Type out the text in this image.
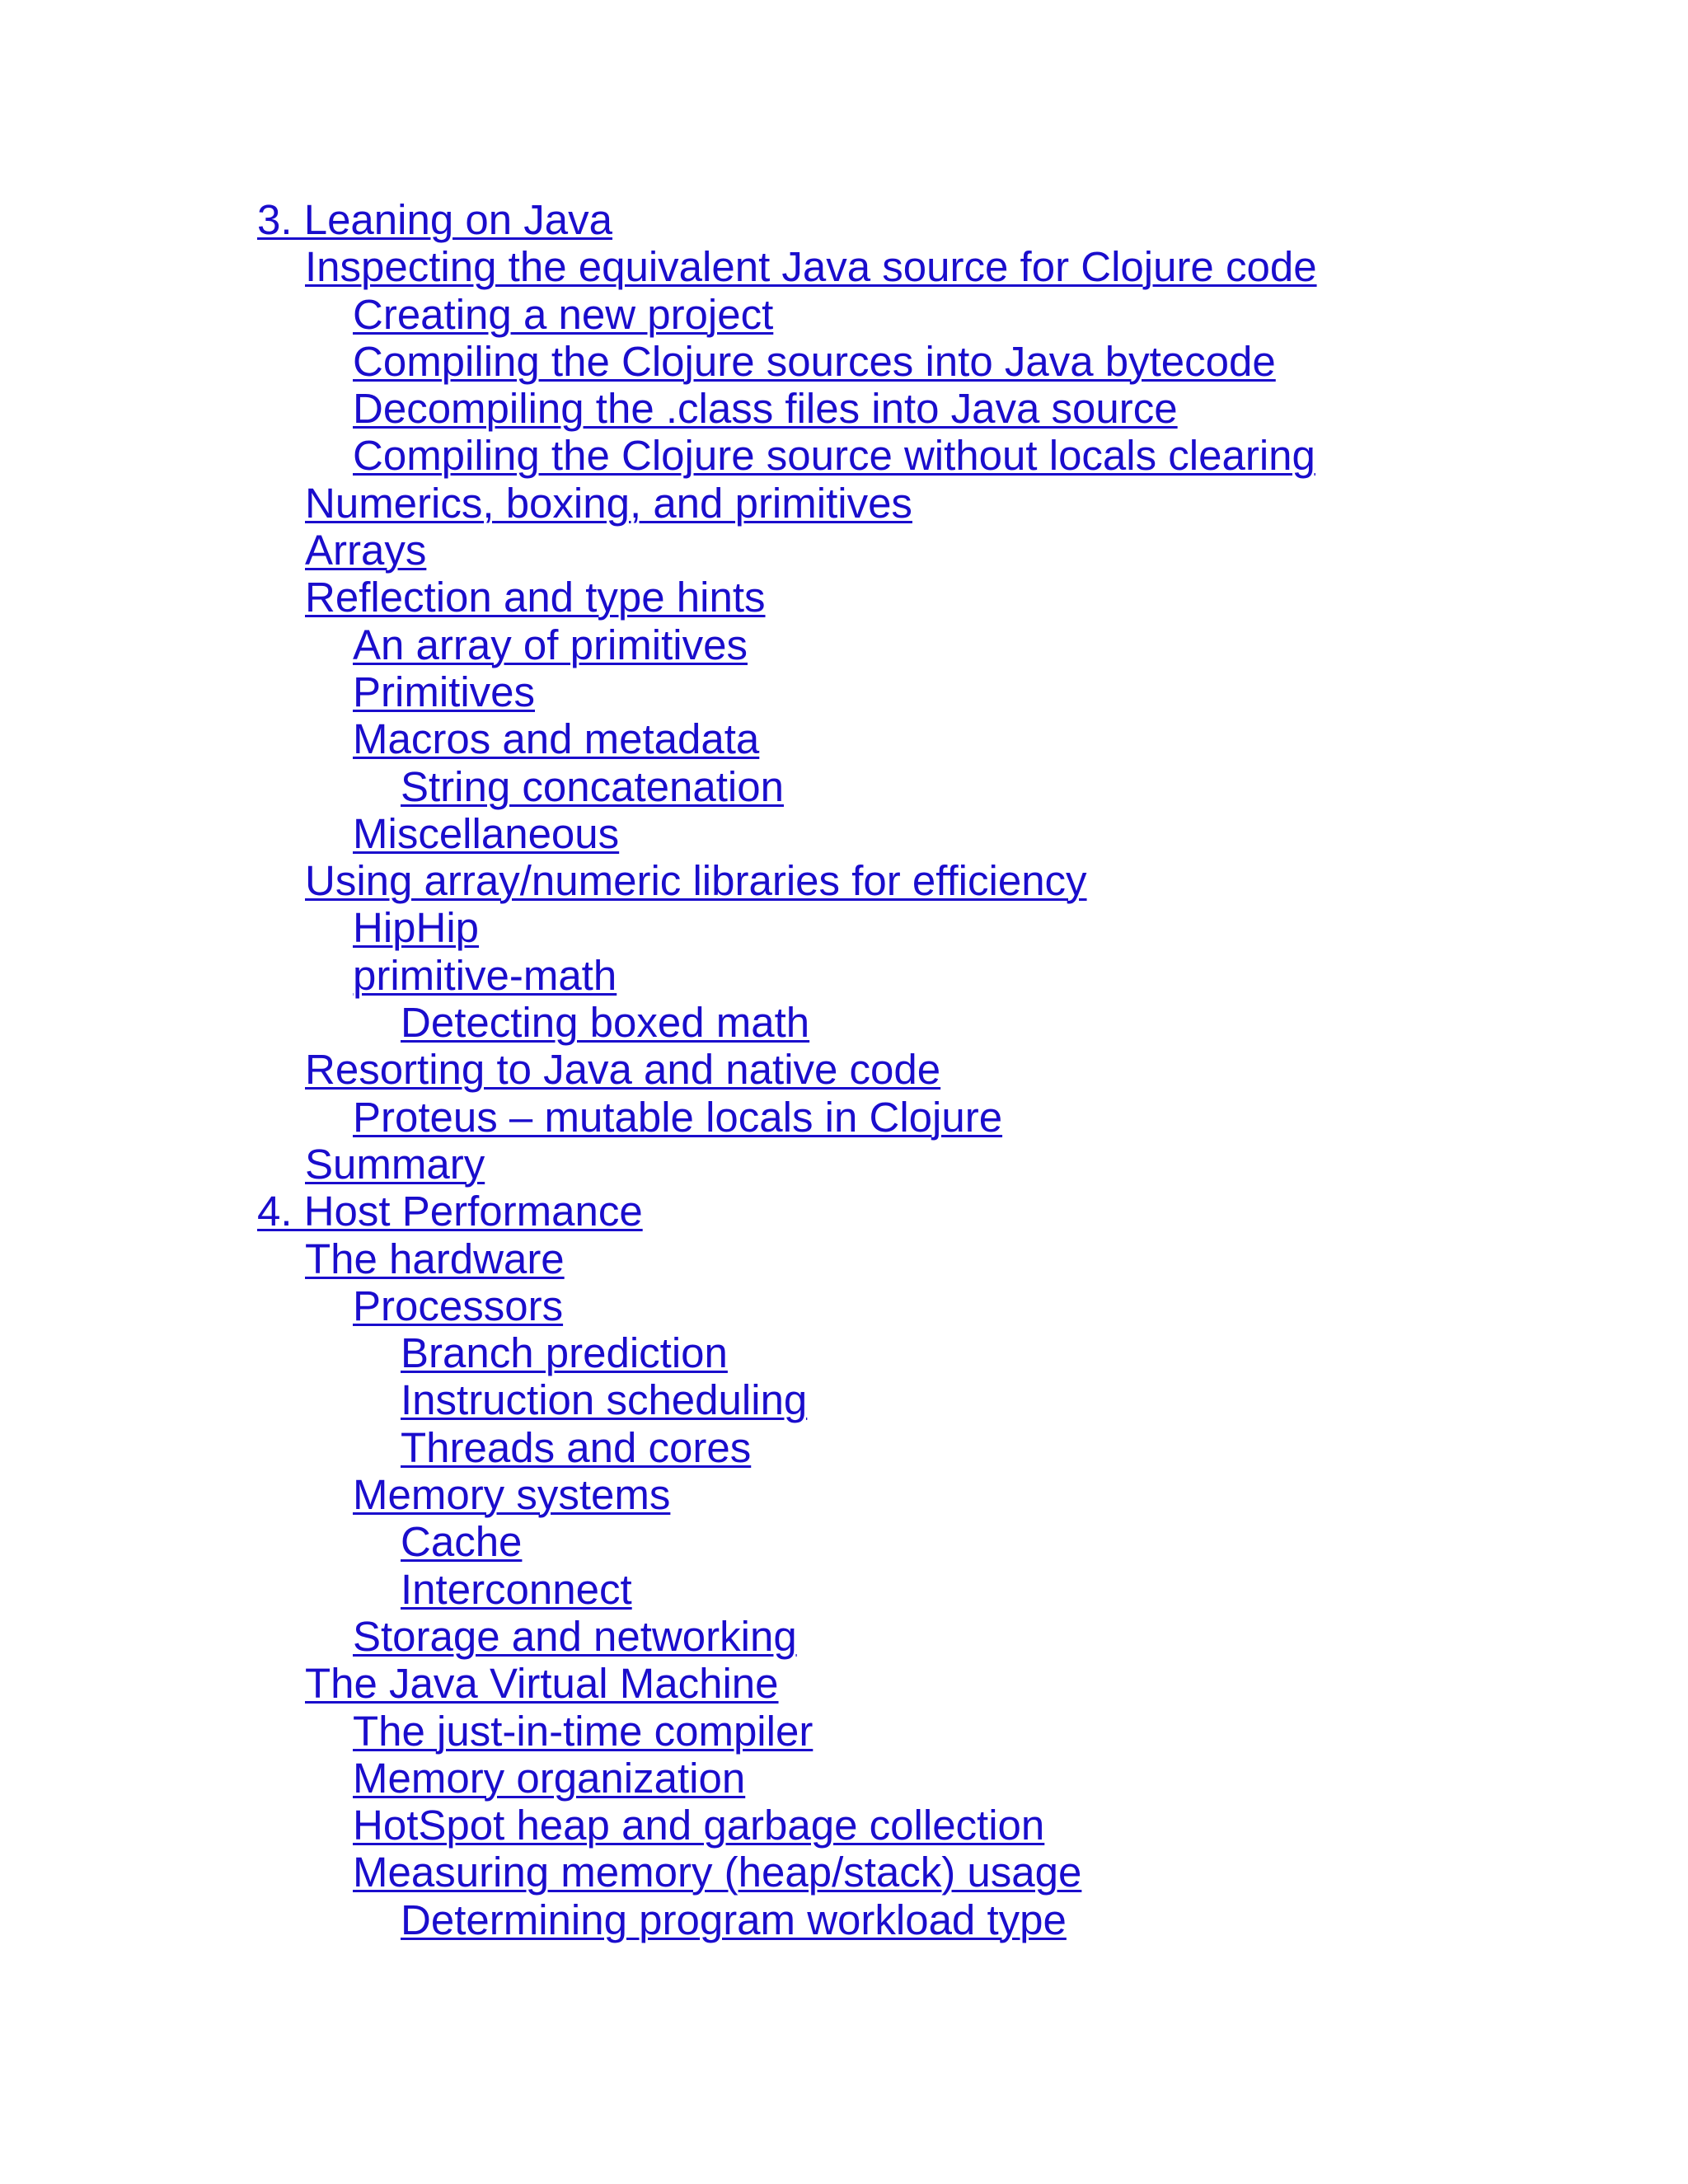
3. Leaning on Java
Inspecting the equivalent Java source for Clojure code
Creating a new project
Compiling the Clojure sources into Java bytecode
Decompiling the .class files into Java source
Compiling the Clojure source without locals clearing
Numerics, boxing, and primitives
Arrays
Reflection and type hints
An array of primitives
Primitives
Macros and metadata
String concatenation
Miscellaneous
Using array/numeric libraries for efficiency
HipHip
primitive-math
Detecting boxed math
Resorting to Java and native code
Proteus – mutable locals in Clojure
Summary
4. Host Performance
The hardware
Processors
Branch prediction
Instruction scheduling
Threads and cores
Memory systems
Cache
Interconnect
Storage and networking
The Java Virtual Machine
The just-in-time compiler
Memory organization
HotSpot heap and garbage collection
Measuring memory (heap/stack) usage
Determining program workload type
